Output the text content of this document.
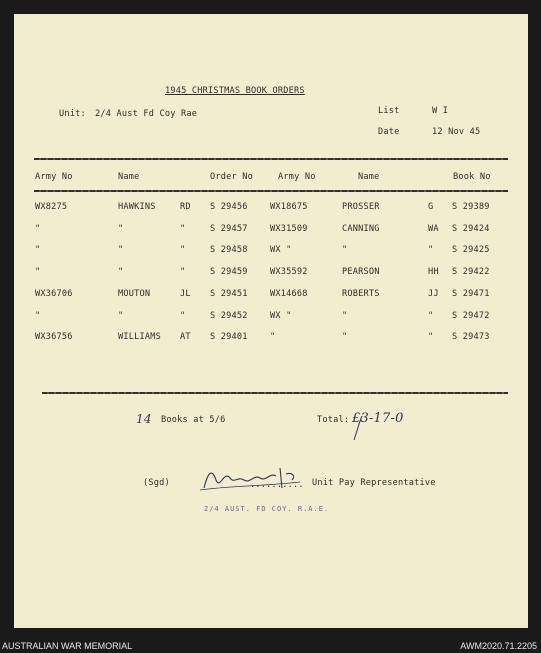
1945 CHRISTMAS BOOK ORDERS
Unit: 2/4 Aust Fd Coy Rae	List	W I
Date	12 Nov 45
Army No	Name	Order No	Army No	Name	Book No
WX8275	HAWKINS	RD S 29456	WX18675	PROSSER	G S 29389
"	"	"	S 29457	WX31509	CANNING	WA S 29424
"	"	"	S 29458	WX "	"	" S 29425
"	"	"	S 29459	WX35592	PEARSON	HH S 29422
WX36706	MOUTON	JL S 29451	WX14668	ROBERTS	JJ S 29471
"	"	"	S 29452	WX "	"	" S 29472
WX36756	WILLIAMS AT S 29401	"	"	" S 29473
14 Books at 5/6	Total: £3-17-0
(Sgd)	.......... Unit Pay Representative
2/4 AUST. FD COY. R.A.E.
AUSTRALIAN WAR MEMORIAL	AWM2020.71.2205
